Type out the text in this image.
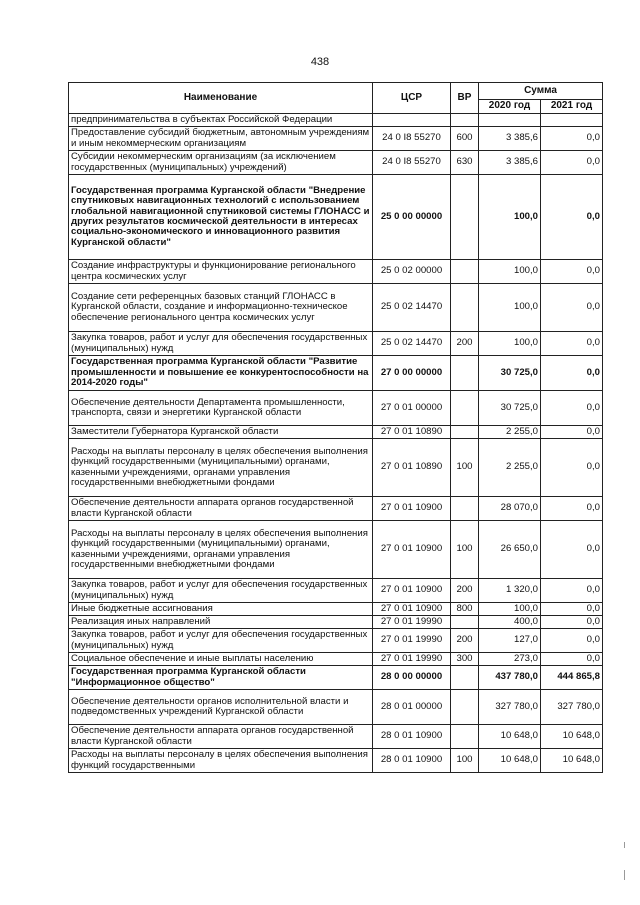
438
Наименование	ЦСР	ВР	Сумма	
			2020 год	2021 год
предпринимательства в субъектах Российской Федерации				
Предоставление субсидий бюджетным, автономным учреждениям и иным некоммерческим организациям	24 0 I8 55270	600	3 385,6	0,0
Субсидии некоммерческим организациям (за исключением государственных (муниципальных) учреждений)	24 0 I8 55270	630	3 385,6	0,0
Государственная программа Курганской области "Внедрение спутниковых навигационных технологий с использованием глобальной навигационной спутниковой системы ГЛОНАСС и других результатов космической деятельности в интересах социально-экономического и инновационного развития Курганской области"	25 0 00 00000		100,0	0,0
Создание инфраструктуры и функционирование регионального центра космических услуг	25 0 02 00000		100,0	0,0
Создание сети референцных базовых станций ГЛОНАСС в Курганской области, создание и информационно-техническое обеспечение регионального центра космических услуг	25 0 02 14470		100,0	0,0
Закупка товаров, работ и услуг для обеспечения государственных (муниципальных) нужд	25 0 02 14470	200	100,0	0,0
Государственная программа Курганской области "Развитие промышленности и повышение ее конкурентоспособности на 2014-2020 годы"	27 0 00 00000		30 725,0	0,0
Обеспечение деятельности Департамента промышленности, транспорта, связи и энергетики Курганской области	27 0 01 00000		30 725,0	0,0
Заместители Губернатора Курганской области	27 0 01 10890		2 255,0	0,0
Расходы на выплаты персоналу в целях обеспечения выполнения функций государственными (муниципальными) органами, казенными учреждениями, органами управления государственными внебюджетными фондами	27 0 01 10890	100	2 255,0	0,0
Обеспечение деятельности аппарата органов государственной власти Курганской области	27 0 01 10900		28 070,0	0,0
Расходы на выплаты персоналу в целях обеспечения выполнения функций государственными (муниципальными) органами, казенными учреждениями, органами управления государственными внебюджетными фондами	27 0 01 10900	100	26 650,0	0,0
Закупка товаров, работ и услуг для обеспечения государственных (муниципальных) нужд	27 0 01 10900	200	1 320,0	0,0
Иные бюджетные ассигнования	27 0 01 10900	800	100,0	0,0
Реализация иных направлений	27 0 01 19990		400,0	0,0
Закупка товаров, работ и услуг для обеспечения государственных (муниципальных) нужд	27 0 01 19990	200	127,0	0,0
Социальное обеспечение и иные выплаты населению	27 0 01 19990	300	273,0	0,0
Государственная программа Курганской области "Информационное общество"	28 0 00 00000		437 780,0	444 865,8
Обеспечение деятельности органов исполнительной власти и подведомственных учреждений Курганской области	28 0 01 00000		327 780,0	327 780,0
Обеспечение деятельности аппарата органов государственной власти Курганской области	28 0 01 10900		10 648,0	10 648,0
Расходы на выплаты персоналу в целях обеспечения выполнения функций государственными	28 0 01 10900	100	10 648,0	10 648,0
